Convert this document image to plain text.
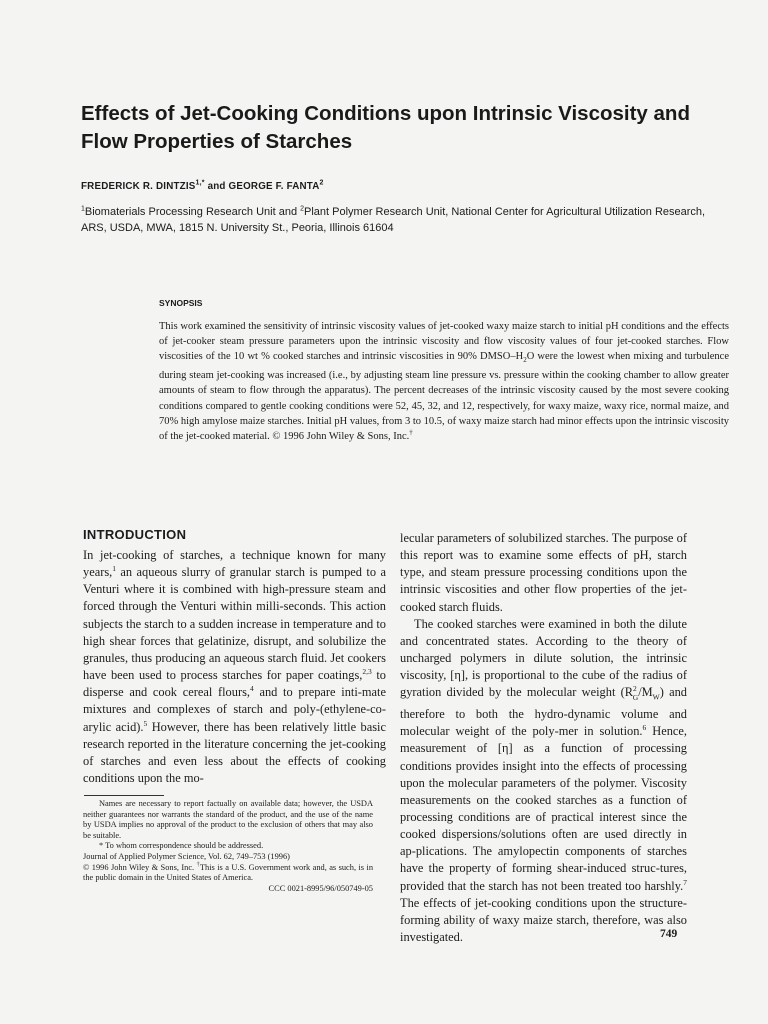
Effects of Jet-Cooking Conditions upon Intrinsic Viscosity and Flow Properties of Starches
FREDERICK R. $DINTZIS^{1,*}$ and GEORGE F. FANTA$^2$
$^1$Biomaterials Processing Research Unit and $^2$Plant Polymer Research Unit, National Center for Agricultural Utilization Research, ARS, USDA, MWA, 1815 N. University St., Peoria, Illinois 61604
SYNOPSIS

This work examined the sensitivity of intrinsic viscosity values of jet-cooked waxy maize starch to initial pH conditions and the effects of jet-cooker steam pressure parameters upon the intrinsic viscosity and flow viscosity values of four jet-cooked starches. Flow viscosities of the 10 wt % cooked starches and intrinsic viscosities in 90% DMSO–$H_2O$ were the lowest when mixing and turbulence during steam jet-cooking was increased (i.e., by adjusting steam line pressure vs. pressure within the cooking chamber to allow greater amounts of steam to flow through the apparatus). The percent decreases of the intrinsic viscosity caused by the most severe cooking conditions compared to gentle cooking conditions were 52, 45, 32, and 12, respectively, for waxy maize, waxy rice, normal maize, and 70% high amylose maize starches. Initial pH values, from 3 to 10.5, of waxy maize starch had minor effects upon the intrinsic viscosity of the jet-cooked material. © 1996 John Wiley & Sons, Inc.†

INTRODUCTION

In jet-cooking of starches, a technique known for many years,$^1$ an aqueous slurry of granular starch is pumped to a Venturi where it is combined with high-pressure steam and forced through the Venturi within milli-seconds. This action subjects the starch to a sudden increase in temperature and to high shear forces that gelatinize, disrupt, and solubilize the granules, thus producing an aqueous starch fluid. Jet cookers have been used to process starches for paper coatings,$^{2,3}$ to disperse and cook cereal flours,$^4$ and to prepare inti-mate mixtures and complexes of starch and poly-(ethylene-co-arylic acid).$^5$ However, there has been relatively little basic research reported in the literature concerning the jet-cooking of starches and even less about the effects of cooking conditions upon the mo-

Names are necessary to report factually on available data; however, the USDA neither guarantees nor warrants the standard of the product, and the use of the name by USDA implies no approval of the product to the exclusion of others that may also be suitable.

* To whom correspondence should be addressed.

Journal of Applied Polymer Science, Vol. 62, 749–753 (1996)

© 1996 John Wiley & Sons, Inc. †This is a U.S. Government work and, as such, is in the public domain in the United States of America.

CCC 0021-8995/96/050749-05

lecular parameters of solubilized starches. The purpose of this report was to examine some effects of pH, starch type, and steam pressure processing conditions upon the intrinsic viscosities and other flow properties of the jet-cooked starch fluids.
The cooked starches were examined in both the dilute and concentrated states. According to the theory of uncharged polymers in dilute solution, the intrinsic viscosity, [η], is proportional to the cube of the radius of gyration divided by the molecular weight $(R^2_G/M_W)$ and therefore to both the hydro-dynamic volume and molecular weight of the poly-mer in solution.$^6$ Hence, measurement of [η] as a function of processing conditions provides insight into the effects of processing upon the molecular parameters of the polymer. Viscosity measurements on the cooked starches as a function of processing conditions are of practical interest since the cooked dispersions/solutions often are used directly in ap-plications. The amylopectin components of starches have the property of forming shear-induced struc-tures, provided that the starch has not been treated too harshly.$^7$ The effects of jet-cooking conditions upon the structure-forming ability of waxy maize starch, therefore, was also investigated.	749
